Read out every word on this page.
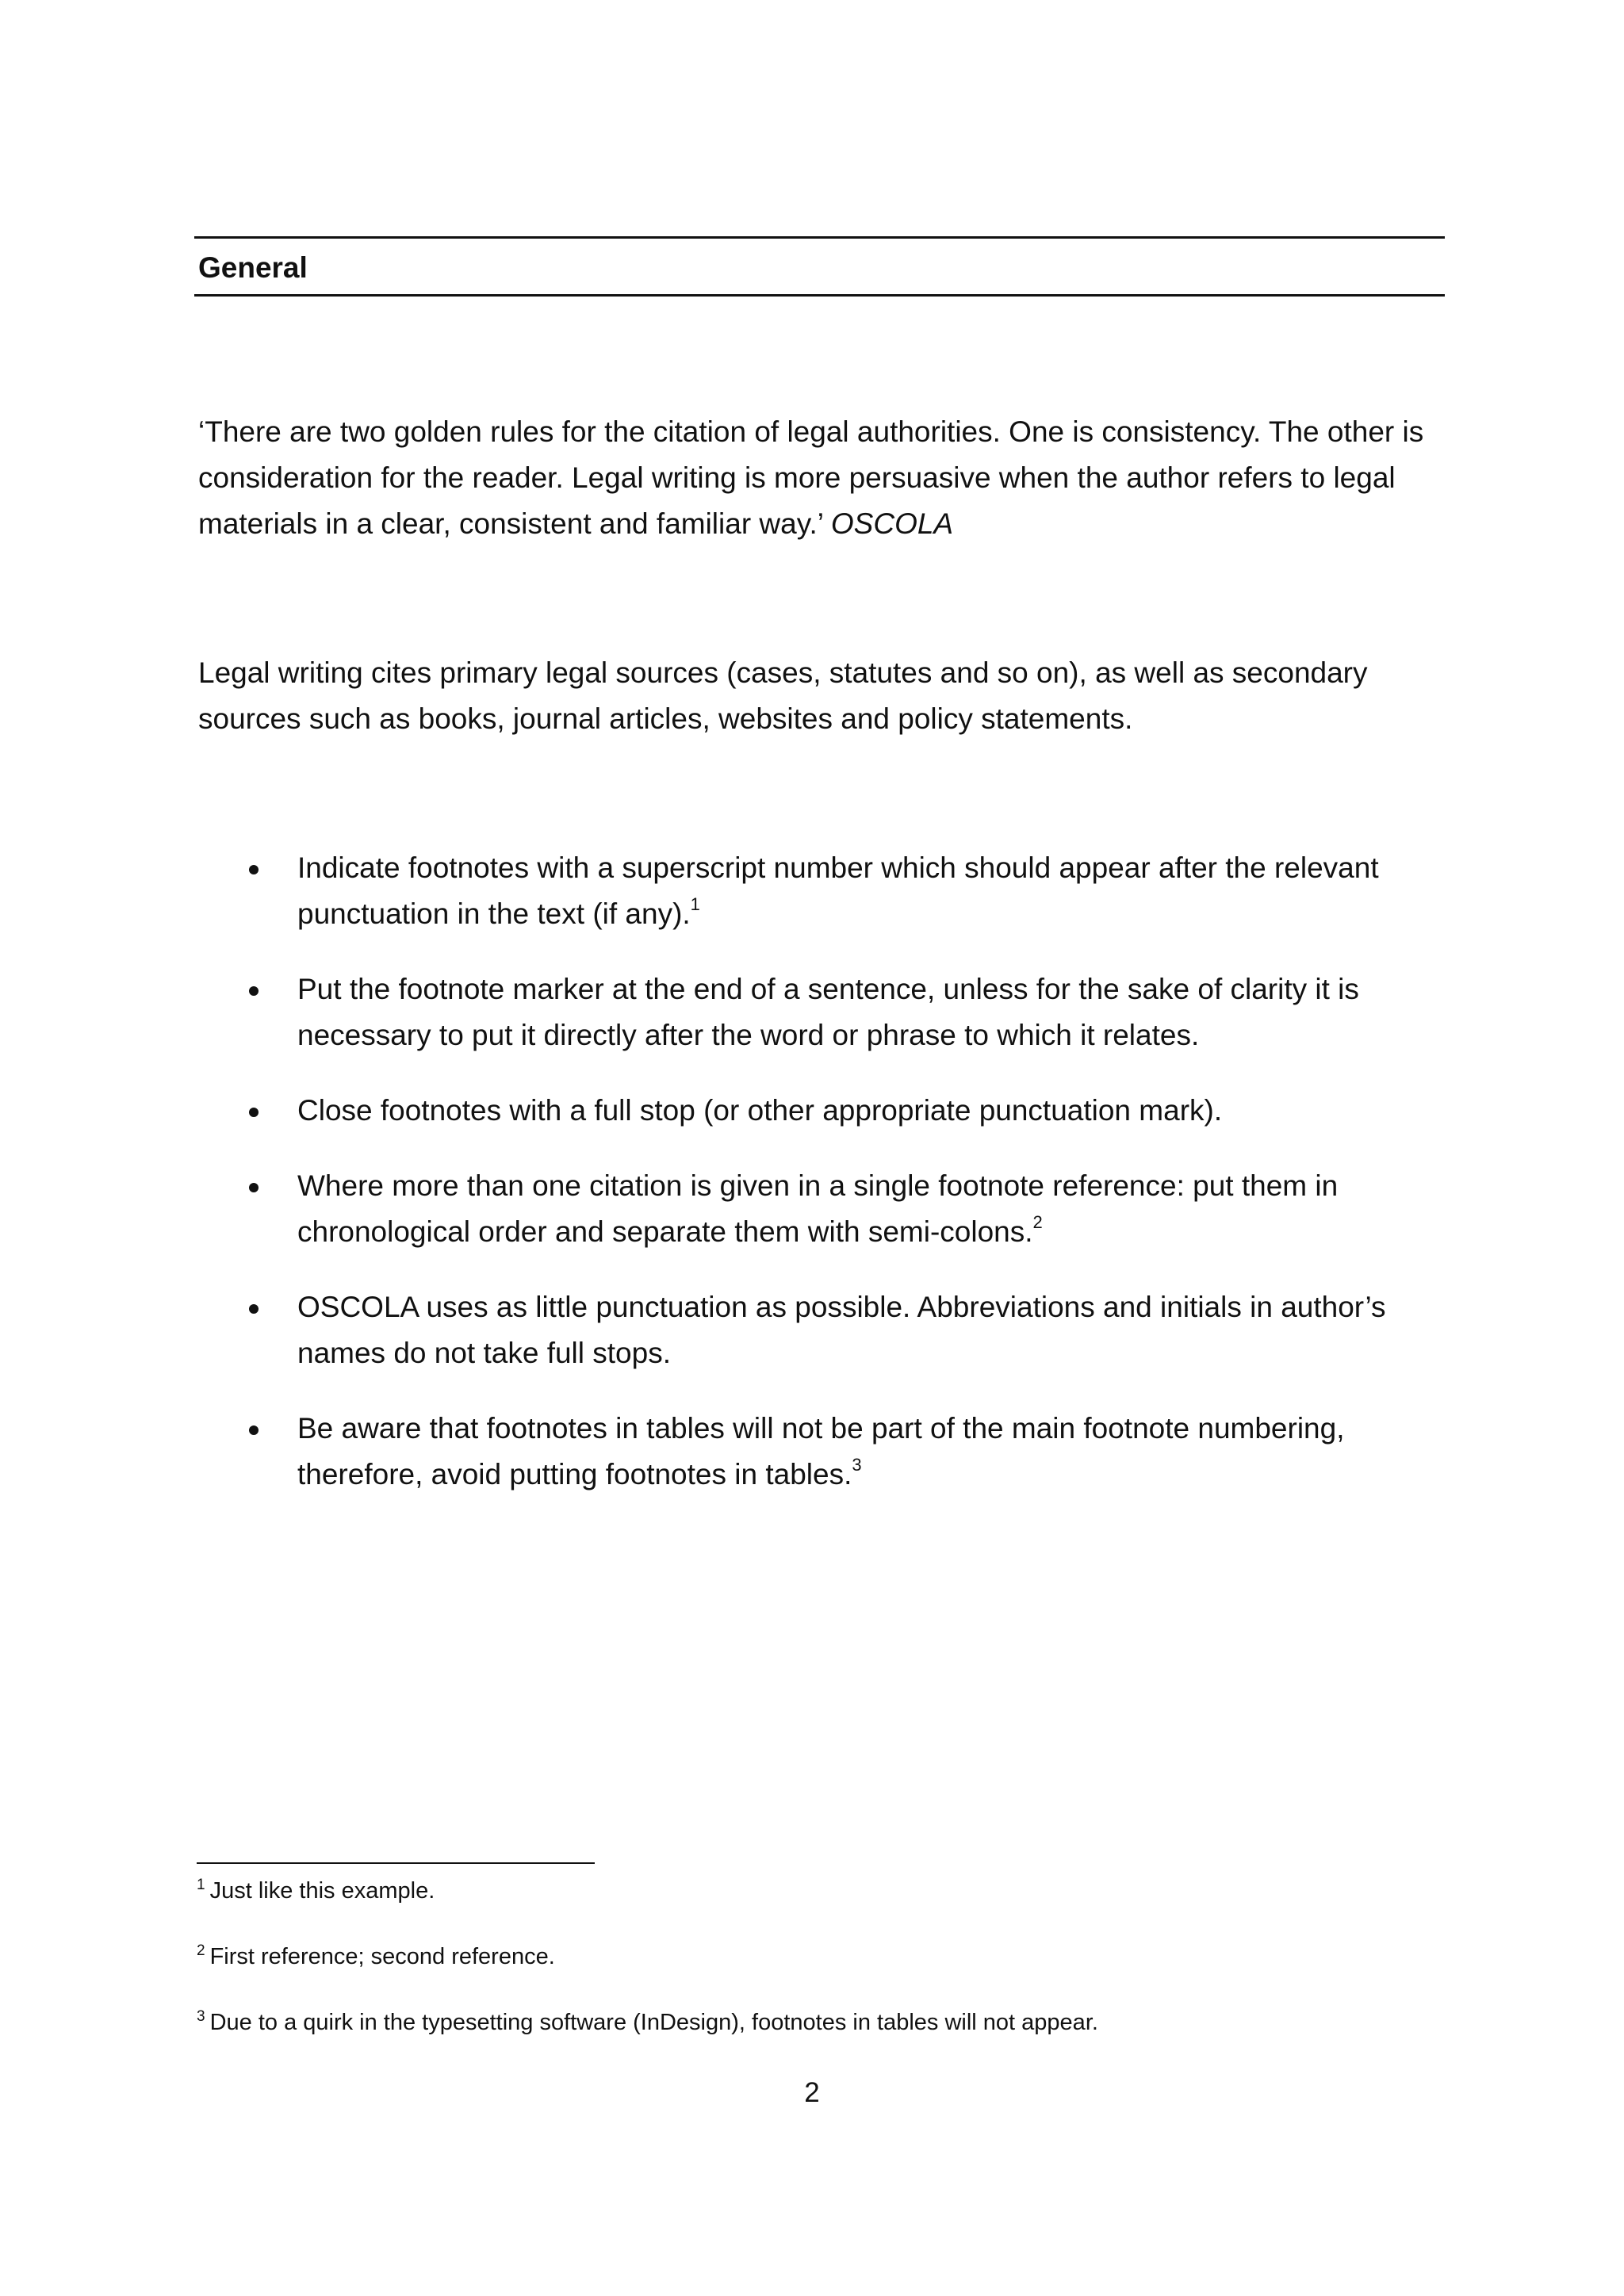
General

‘There are two golden rules for the citation of legal authorities. One is consistency. The other is consideration for the reader. Legal writing is more persuasive when the author refers to legal materials in a clear, consistent and familiar way.’ OSCOLA

Legal writing cites primary legal sources (cases, statutes and so on), as well as secondary sources such as books, journal articles, websites and policy statements.

Indicate footnotes with a superscript number which should appear after the relevant punctuation in the text (if any).$^1$
Put the footnote marker at the end of a sentence, unless for the sake of clarity it is necessary to put it directly after the word or phrase to which it relates.
Close footnotes with a full stop (or other appropriate punctuation mark).
Where more than one citation is given in a single footnote reference: put them in chronological order and separate them with semi-colons.$^2$
OSCOLA uses as little punctuation as possible. Abbreviations and initials in author’s names do not take full stops.
Be aware that footnotes in tables will not be part of the main footnote numbering, therefore, avoid putting footnotes in tables.$^3$
$^1$ Just like this example.
$^2$ First reference; second reference.
$^3$ Due to a quirk in the typesetting software (InDesign), footnotes in tables will not appear.
2
